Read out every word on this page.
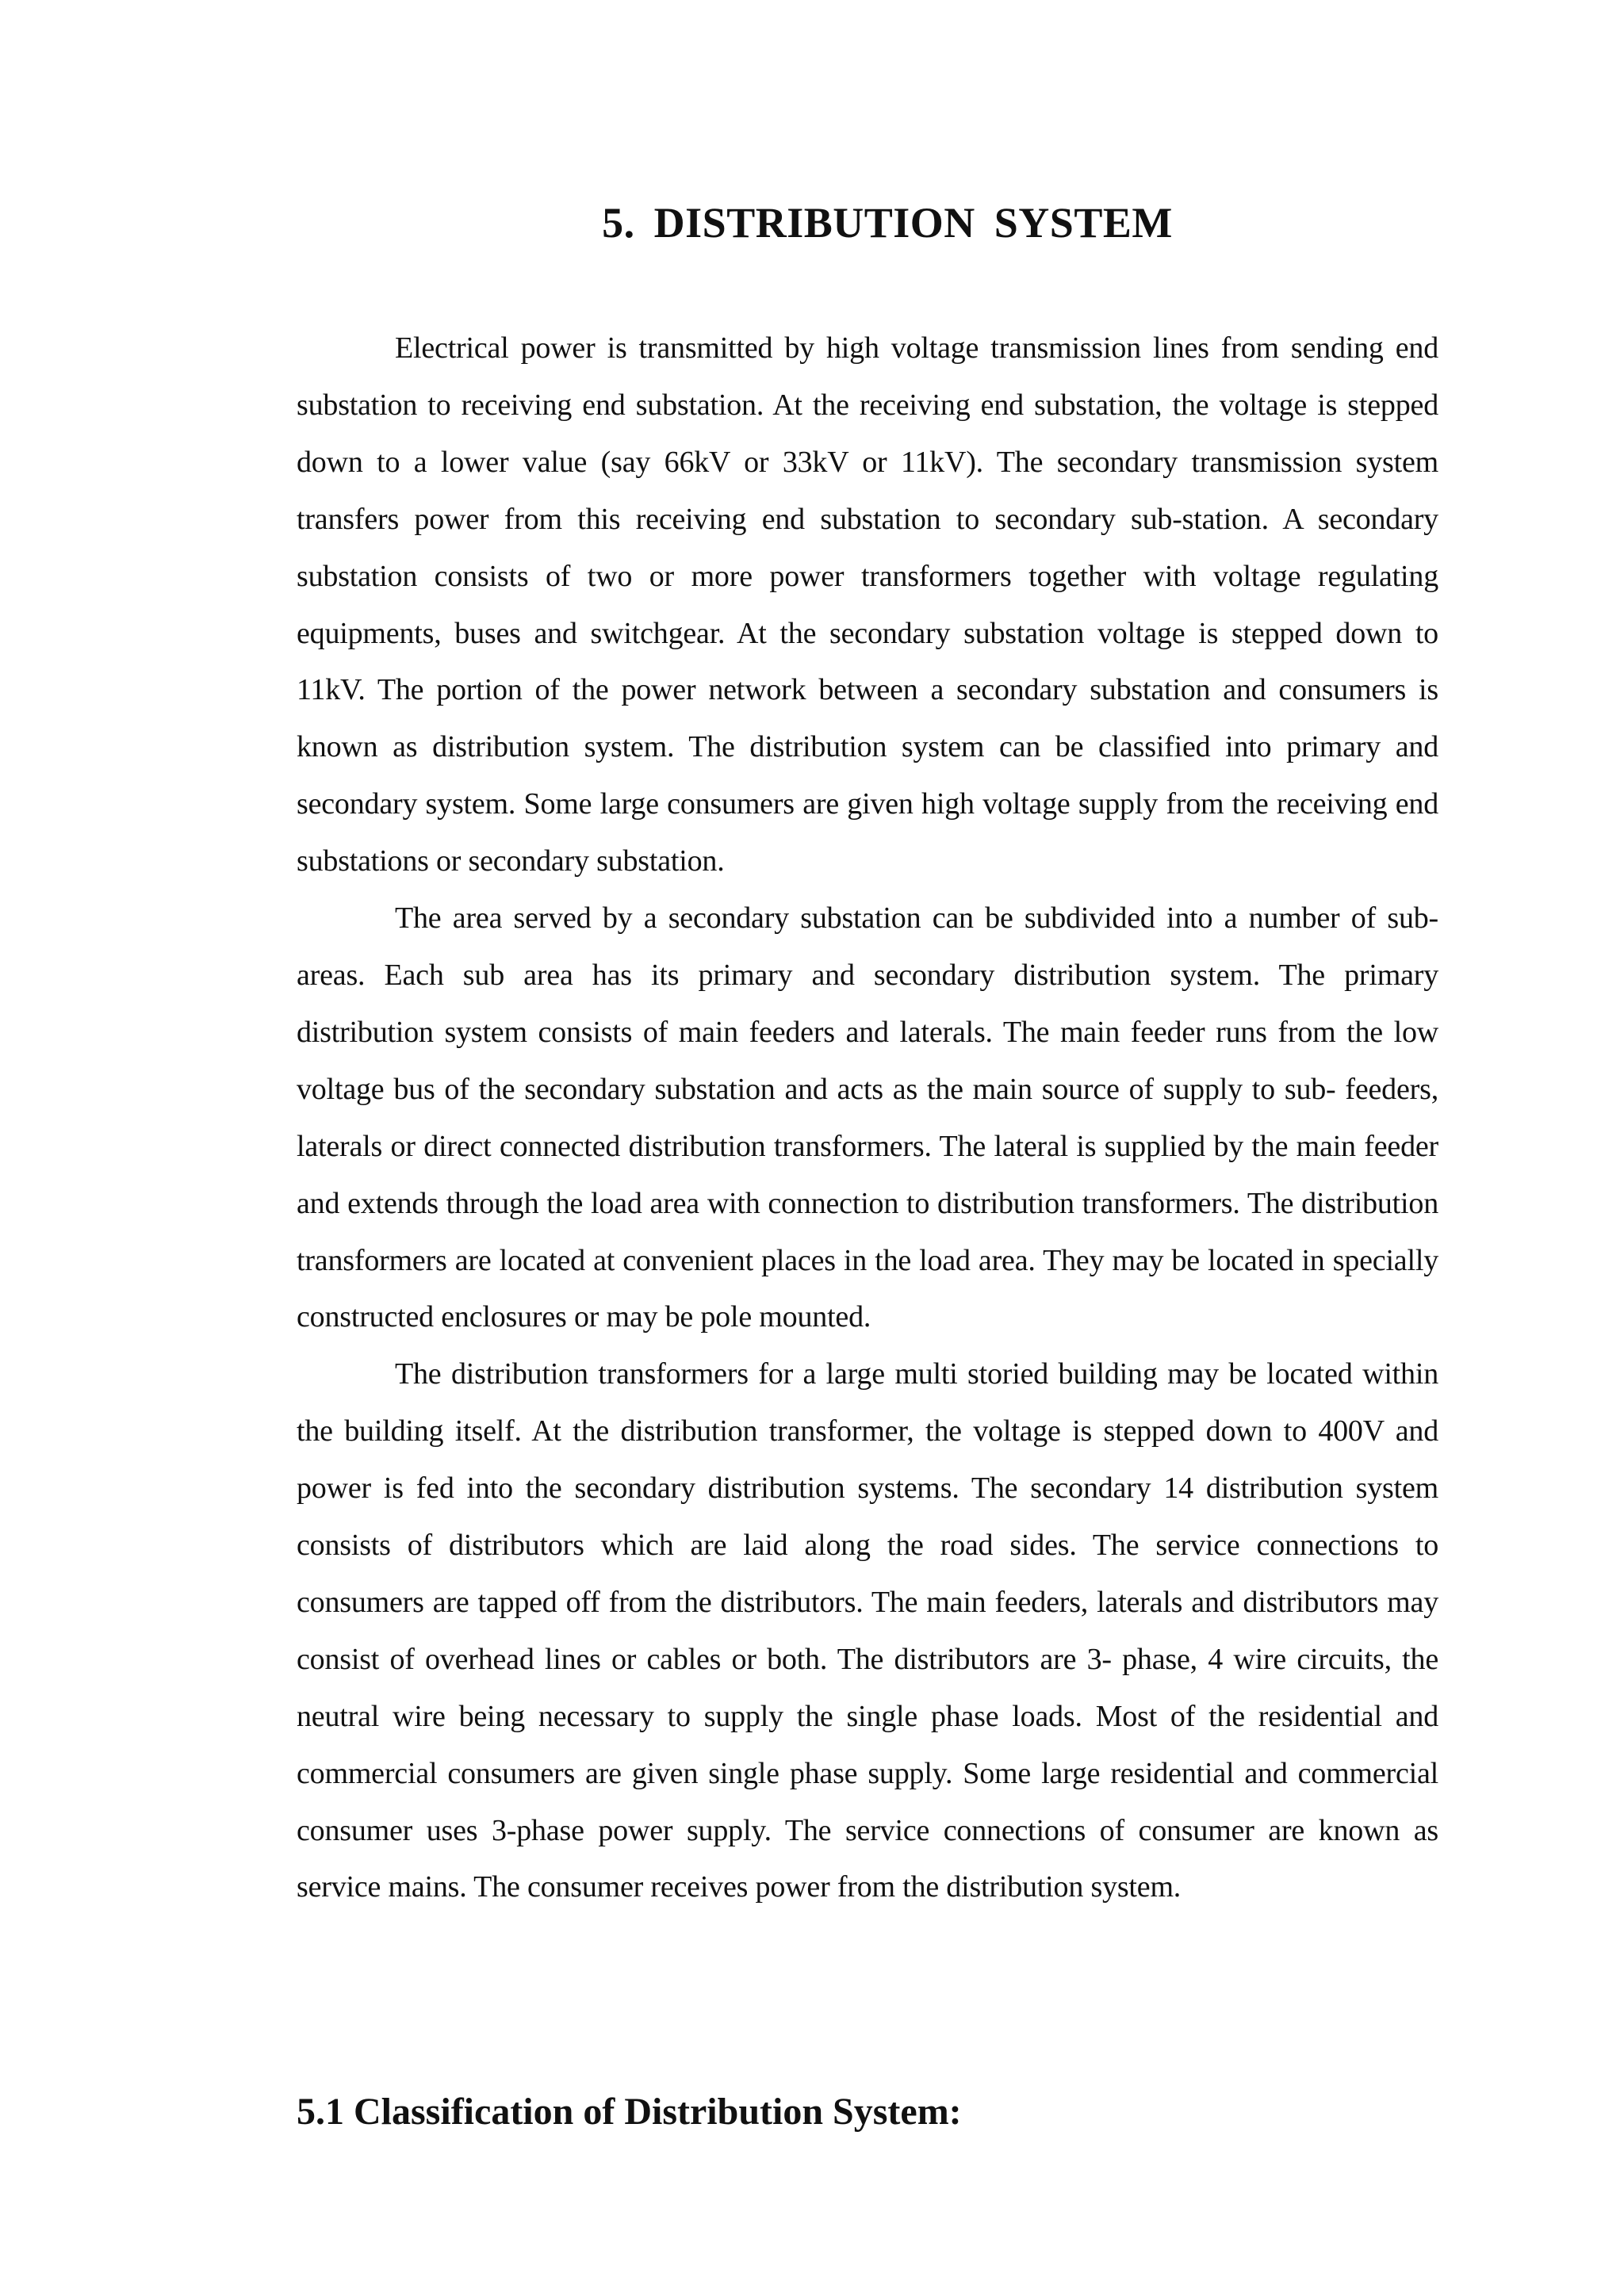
5. DISTRIBUTION SYSTEM

Electrical power is transmitted by high voltage transmission lines from sending end substation to receiving end substation. At the receiving end substation, the voltage is stepped down to a lower value (say 66kV or 33kV or 11kV). The secondary transmission system transfers power from this receiving end substation to secondary sub-station. A secondary substation consists of two or more power transformers together with voltage regulating equipments, buses and switchgear. At the secondary substation voltage is stepped down to 11kV. The portion of the power network between a secondary substation and consumers is known as distribution system. The distribution system can be classified into primary and secondary system. Some large consumers are given high voltage supply from the receiving end substations or secondary substation.

The area served by a secondary substation can be subdivided into a number of sub- areas. Each sub area has its primary and secondary distribution system. The primary distribution system consists of main feeders and laterals. The main feeder runs from the low voltage bus of the secondary substation and acts as the main source of supply to sub- feeders, laterals or direct connected distribution transformers. The lateral is supplied by the main feeder and extends through the load area with connection to distribution transformers. The distribution transformers are located at convenient places in the load area. They may be located in specially constructed enclosures or may be pole mounted.

The distribution transformers for a large multi storied building may be located within the building itself. At the distribution transformer, the voltage is stepped down to 400V and power is fed into the secondary distribution systems. The secondary 14 distribution system consists of distributors which are laid along the road sides. The service connections to consumers are tapped off from the distributors. The main feeders, laterals and distributors may consist of overhead lines or cables or both. The distributors are 3- phase, 4 wire circuits, the neutral wire being necessary to supply the single phase loads. Most of the residential and commercial consumers are given single phase supply. Some large residential and commercial consumer uses 3-phase power supply. The service connections of consumer are known as service mains. The consumer receives power from the distribution system.

5.1 Classification of Distribution System:
